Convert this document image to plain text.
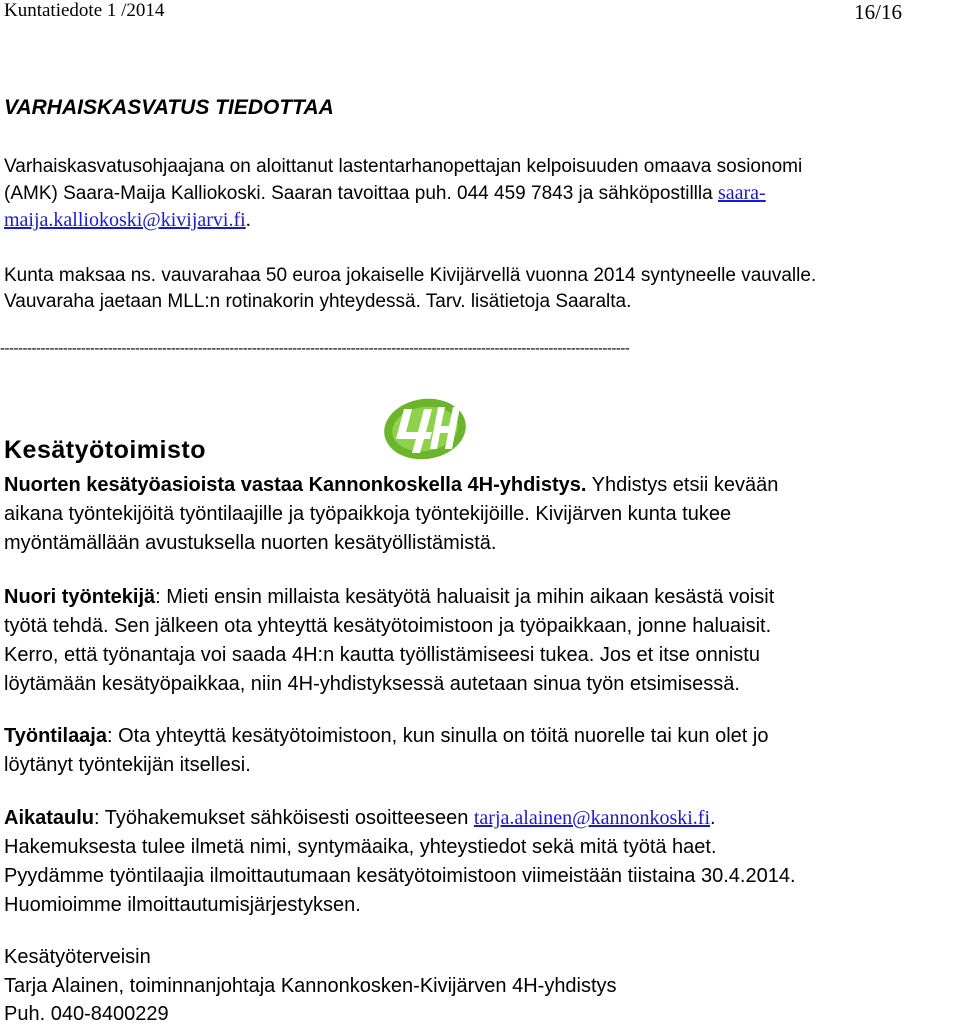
Kuntatiedote 1 /2014	16/16
VARHAISKASVATUS TIEDOTTAA
Varhaiskasvatusohjaajana on aloittanut lastentarhanopettajan kelpoisuuden omaava sosionomi
(AMK) Saara-Maija Kalliokoski. Saaran tavoittaa puh. 044 459 7843 ja sähköpostillla saara-
maija.kalliokoski@kivijarvi.fi.
Kunta maksaa ns. vauvarahaa 50 euroa jokaiselle Kivijärvellä vuonna 2014 syntyneelle vauvalle.
Vauvaraha jaetaan MLL:n rotinakorin yhteydessä. Tarv. lisätietoja Saaralta.
--------------------------------------------------------------------------------------------------------------------------------------------
Kesätyötoimisto
Nuorten kesätyöasioista vastaa Kannonkoskella 4H-yhdistys. Yhdistys etsii kevään
aikana työntekijöitä työntilaajille ja työpaikkoja työntekijöille. Kivijärven kunta tukee
myöntämällään avustuksella nuorten kesätyöllistämistä.
Nuori työntekijä: Mieti ensin millaista kesätyötä haluaisit ja mihin aikaan kesästä voisit
työtä tehdä. Sen jälkeen ota yhteyttä kesätyötoimistoon ja työpaikkaan, jonne haluaisit.
Kerro, että työnantaja voi saada 4H:n kautta työllistämiseesi tukea. Jos et itse onnistu
löytämään kesätyöpaikkaa, niin 4H-yhdistyksessä autetaan sinua työn etsimisessä.
Työntilaaja: Ota yhteyttä kesätyötoimistoon, kun sinulla on töitä nuorelle tai kun olet jo
löytänyt työntekijän itsellesi.
Aikataulu: Työhakemukset sähköisesti osoitteeseen tarja.alainen@kannonkoski.fi.
Hakemuksesta tulee ilmetä nimi, syntymäaika, yhteystiedot sekä mitä työtä haet.
Pyydämme työntilaajia ilmoittautumaan kesätyötoimistoon viimeistään tiistaina 30.4.2014.
Huomioimme ilmoittautumisjärjestyksen.
Kesätyöterveisin
Tarja Alainen, toiminnanjohtaja Kannonkosken-Kivijärven 4H-yhdistys
Puh. 040-8400229
